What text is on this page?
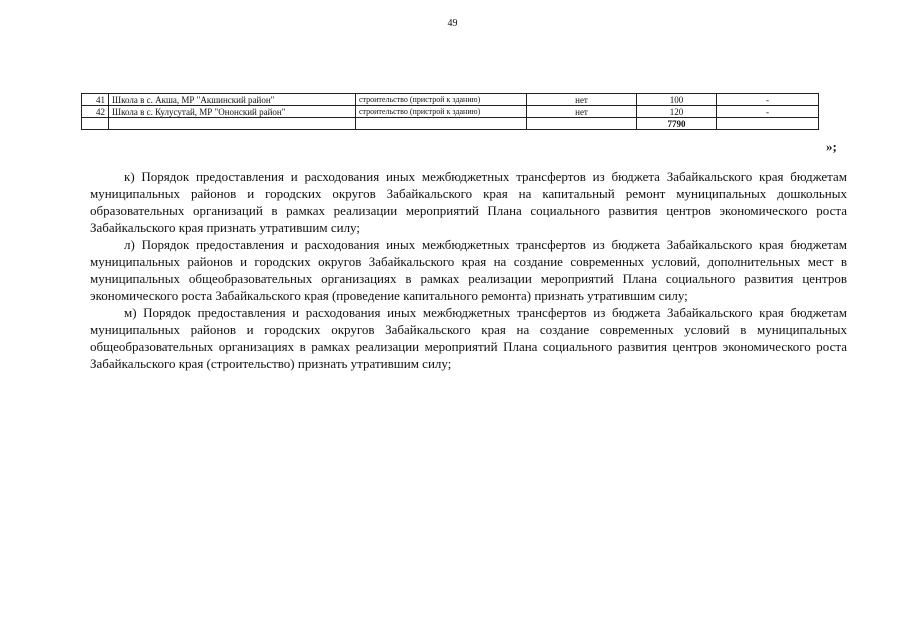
49
41	Школа в с. Акша, МР "Акшинский район"	строительство (пристрой к зданию)	нет	100	-
42	Школа в с. Кулусутай, МР "Ононский район"	строительство (пристрой к зданию)	нет	120	-
				7790	
»;

к) Порядок предоставления и расходования иных межбюджетных трансфертов из бюджета Забайкальского края бюджетам муниципальных районов и городских округов Забайкальского края на капитальный ремонт муниципальных дошкольных образовательных организаций в рамках реализации мероприятий Плана социального развития центров экономического роста Забайкальского края признать утратившим силу;

л) Порядок предоставления и расходования иных межбюджетных трансфертов из бюджета Забайкальского края бюджетам муниципальных районов и городских округов Забайкальского края на создание современных условий, дополнительных мест в муниципальных общеобразовательных организациях в рамках реализации мероприятий Плана социального развития центров экономического роста Забайкальского края (проведение капитального ремонта) признать утратившим силу;

м) Порядок предоставления и расходования иных межбюджетных трансфертов из бюджета Забайкальского края бюджетам муниципальных районов и городских округов Забайкальского края на создание современных условий в муниципальных общеобразовательных организациях в рамках реализации мероприятий Плана социального развития центров экономического роста Забайкальского края (строительство) признать утратившим силу;
